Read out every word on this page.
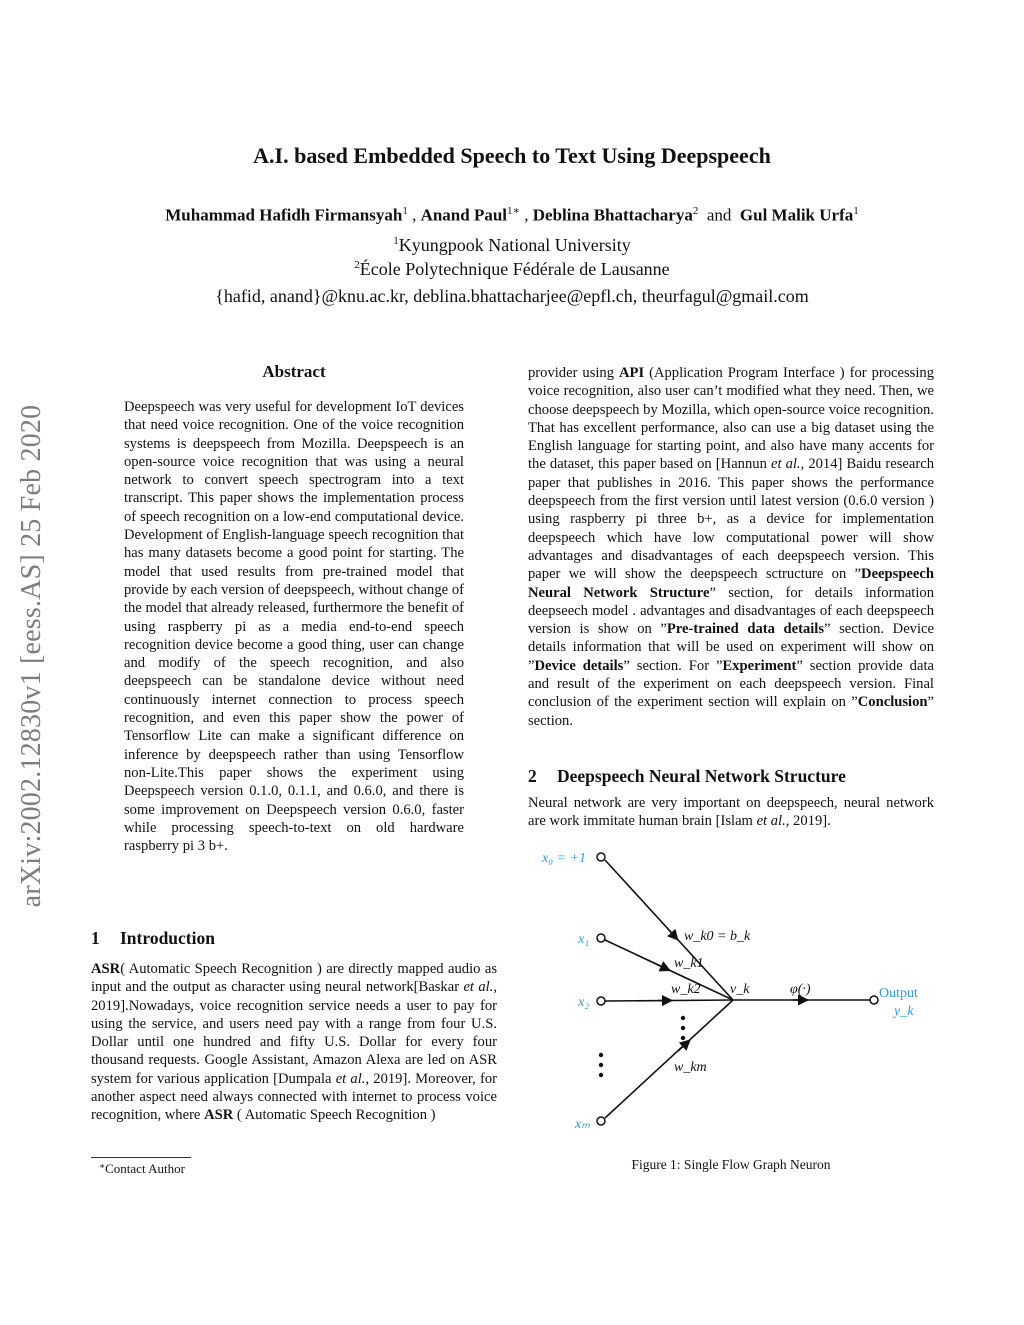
arXiv:2002.12830v1 [eess.AS] 25 Feb 2020
A.I. based Embedded Speech to Text Using Deepspeech
Muhammad Hafidh Firmansyah$^1$ , Anand Paul$^{1∗}$ , Deblina Bhattacharya$^2$ and Gul Malik Urfa$^1$
$^1$Kyungpook National University
$^2$École Polytechnique Fédérale de Lausanne
{hafid, anand}@knu.ac.kr, deblina.bhattacharjee@epfl.ch, theurfagul@gmail.com
Abstract

Deepspeech was very useful for development IoT devices that need voice recognition. One of the voice recognition systems is deepspeech from Mozilla. Deepspeech is an open-source voice recognition that was using a neural network to convert speech spectrogram into a text transcript. This paper shows the implementation process of speech recognition on a low-end computational device. Development of English-language speech recognition that has many datasets become a good point for starting. The model that used results from pre-trained model that provide by each version of deepspeech, without change of the model that already released, furthermore the benefit of using raspberry pi as a media end-to-end speech recognition device become a good thing, user can change and modify of the speech recognition, and also deepspeech can be standalone device without need continuously internet connection to process speech recognition, and even this paper show the power of Tensorflow Lite can make a significant difference on inference by deepspeech rather than using Tensorflow non-Lite.This paper shows the experiment using Deepspeech version 0.1.0, 0.1.1, and 0.6.0, and there is some improvement on Deepspeech version 0.6.0, faster while processing speech-to-text on old hardware raspberry pi 3 b+.

1 Introduction

ASR( Automatic Speech Recognition ) are directly mapped audio as input and the output as character using neural network[Baskar et al., 2019].Nowadays, voice recognition service needs a user to pay for using the service, and users need pay with a range from four U.S. Dollar until one hundred and fifty U.S. Dollar for every four thousand requests. Google Assistant, Amazon Alexa are led on ASR system for various application [Dumpala et al., 2019]. Moreover, for another aspect need always connected with internet to process voice recognition, where ASR ( Automatic Speech Recognition )

∗Contact Author

provider using API (Application Program Interface ) for processing voice recognition, also user can’t modified what they need. Then, we choose deepspeech by Mozilla, which open-source voice recognition. That has excellent performance, also can use a big dataset using the English language for starting point, and also have many accents for the dataset, this paper based on [Hannun et al., 2014] Baidu research paper that publishes in 2016. This paper shows the performance deepspeech from the first version until latest version (0.6.0 version ) using raspberry pi three b+, as a device for implementation deepspeech which have low computational power will show advantages and disadvantages of each deepspeech version. This paper we will show the deepspeech sctructure on ”Deepspeech Neural Network Structure” section, for details information deepseech model . advantages and disadvantages of each deepspeech version is show on ”Pre-trained data details” section. Device details information that will be used on experiment will show on ”Device details” section. For ”Experiment” section provide data and result of the experiment on each deepspeech version. Final conclusion of the experiment section will explain on ”Conclusion” section.

2 Deepspeech Neural Network Structure

Neural network are very important on deepspeech, neural network are work immitate human brain [Islam et al., 2019].

x₀ = +1
x₁
x₂
xₘ
w_k0 = b_k
w_k1
w_k2
w_km
v_k	φ(·)	Output
y_k
Figure 1: Single Flow Graph Neuron
